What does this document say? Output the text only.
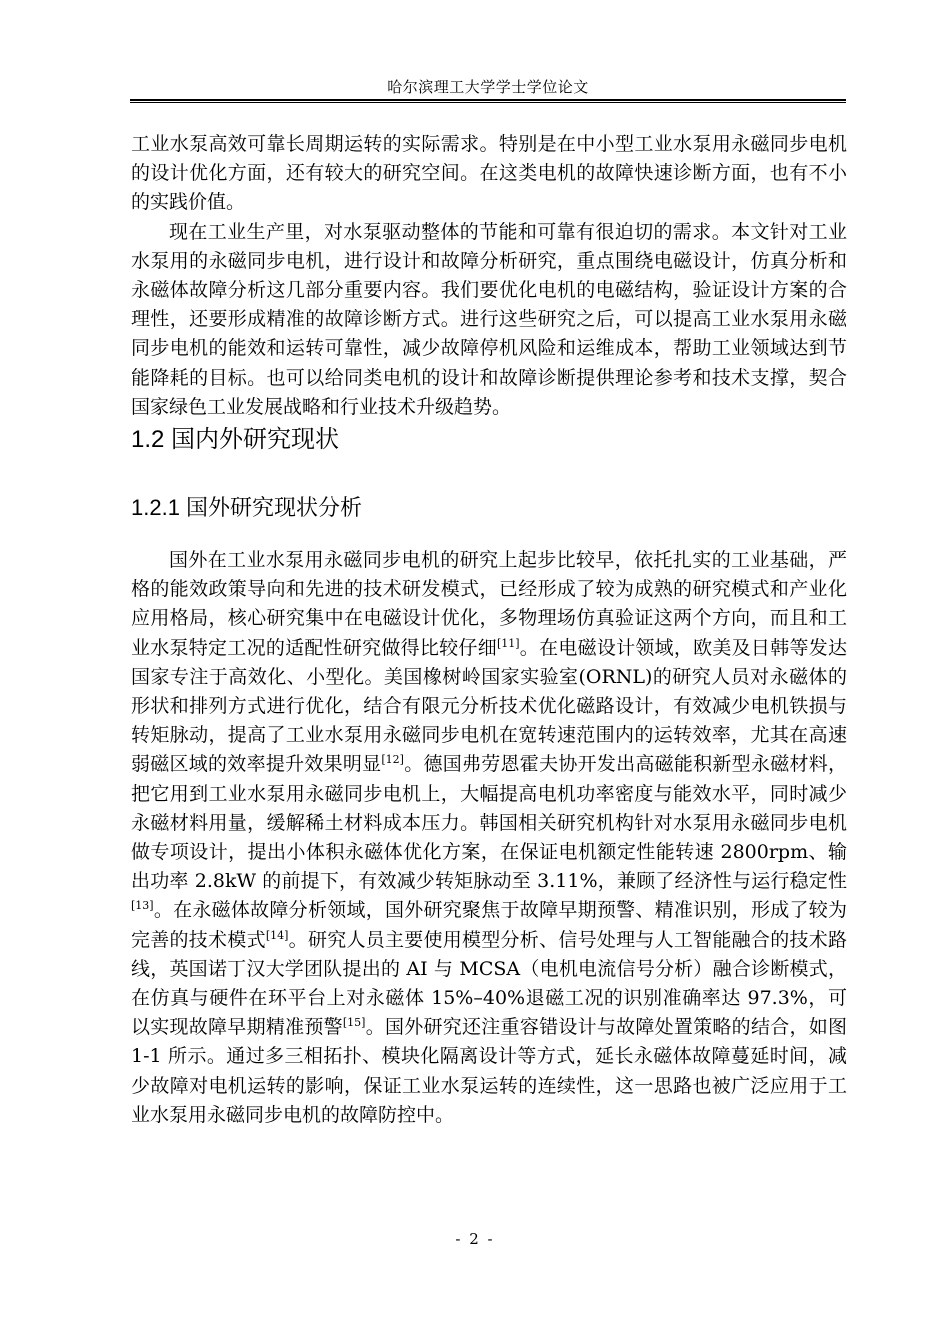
哈尔滨理工大学学士学位论文

工业水泵高效可靠长周期运转的实际需求。特别是在中小型工业水泵用永磁同步电机的设计优化方面，还有较大的研究空间。在这类电机的故障快速诊断方面，也有不小的实践价值。

现在工业生产里，对水泵驱动整体的节能和可靠有很迫切的需求。本文针对工业水泵用的永磁同步电机，进行设计和故障分析研究，重点围绕电磁设计，仿真分析和永磁体故障分析这几部分重要内容。我们要优化电机的电磁结构，验证设计方案的合理性，还要形成精准的故障诊断方式。进行这些研究之后，可以提高工业水泵用永磁同步电机的能效和运转可靠性，减少故障停机风险和运维成本，帮助工业领域达到节能降耗的目标。也可以给同类电机的设计和故障诊断提供理论参考和技术支撑，契合国家绿色工业发展战略和行业技术升级趋势。

1.2 国内外研究现状
1.2.1 国外研究现状分析

国外在工业水泵用永磁同步电机的研究上起步比较早，依托扎实的工业基础，严格的能效政策导向和先进的技术研发模式，已经形成了较为成熟的研究模式和产业化应用格局，核心研究集中在电磁设计优化，多物理场仿真验证这两个方向，而且和工业水泵特定工况的适配性研究做得比较仔细[11]。在电磁设计领域，欧美及日韩等发达国家专注于高效化、小型化。美国橡树岭国家实验室(ORNL)的研究人员对永磁体的形状和排列方式进行优化，结合有限元分析技术优化磁路设计，有效减少电机铁损与转矩脉动，提高了工业水泵用永磁同步电机在宽转速范围内的运转效率，尤其在高速弱磁区域的效率提升效果明显[12]。德国弗劳恩霍夫协开发出高磁能积新型永磁材料，把它用到工业水泵用永磁同步电机上，大幅提高电机功率密度与能效水平，同时减少永磁材料用量，缓解稀土材料成本压力。韩国相关研究机构针对水泵用永磁同步电机做专项设计，提出小体积永磁体优化方案，在保证电机额定性能转速 2800rpm、输出功率 2.8kW 的前提下，有效减少转矩脉动至 3.11%，兼顾了经济性与运行稳定性[13]。在永磁体故障分析领域，国外研究聚焦于故障早期预警、精准识别，形成了较为完善的技术模式[14]。研究人员主要使用模型分析、信号处理与人工智能融合的技术路线，英国诺丁汉大学团队提出的 AI 与 MCSA（电机电流信号分析）融合诊断模式，在仿真与硬件在环平台上对永磁体 15%–40%退磁工况的识别准确率达 97.3%，可以实现故障早期精准预警[15]。国外研究还注重容错设计与故障处置策略的结合，如图 1-1 所示。通过多三相拓扑、模块化隔离设计等方式，延长永磁体故障蔓延时间，减少故障对电机运转的影响，保证工业水泵运转的连续性，这一思路也被广泛应用于工业水泵用永磁同步电机的故障防控中。

- 2 -
